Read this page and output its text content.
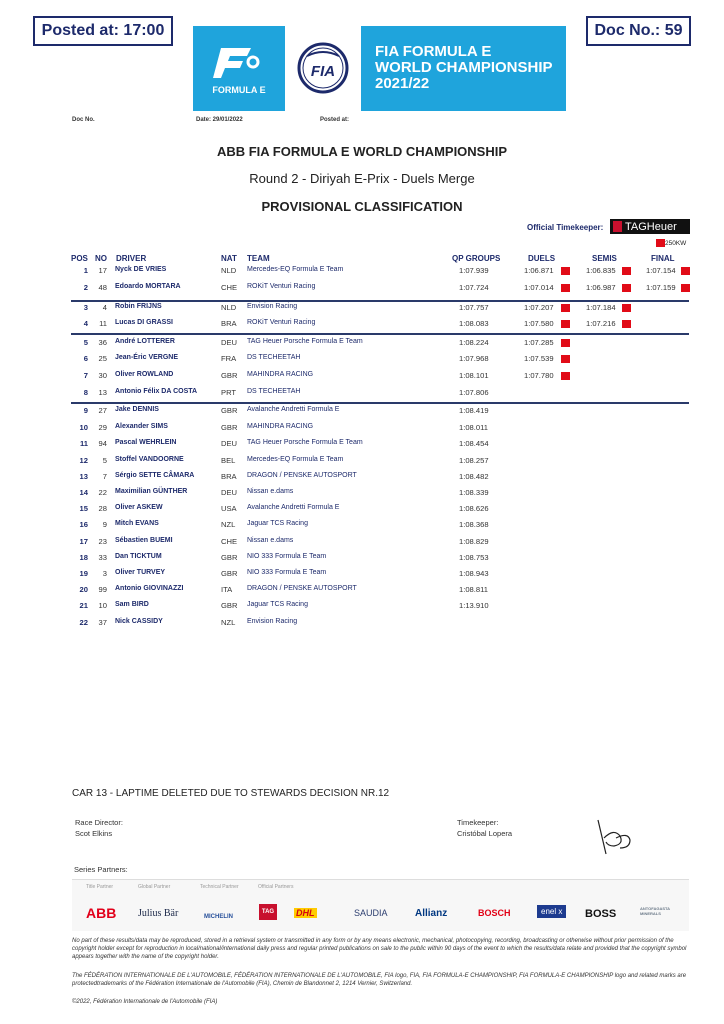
Posted at: 17:00	Doc No.: 59
FORMULA E
FIA
FIA FORMULA E
WORLD CHAMPIONSHIP
2021/22
Doc No.	Date: 29/01/2022	Posted at:
ABB FIA FORMULA E WORLD CHAMPIONSHIP
Round 2 - Diriyah E-Prix - Duels Merge
PROVISIONAL CLASSIFICATION
Official Timekeeper: TAGHeuer
250KW
POS NO DRIVER	NAT TEAM	QP GROUPS	DUELS	SEMIS	FINAL
1	17 Nyck DE VRIES	NLD Mercedes-EQ Formula E Team	1:07.939	1:06.871	1:06.835	1:07.154
2	48 Edoardo MORTARA	CHE ROKiT Venturi Racing	1:07.724	1:07.014	1:06.987	1:07.159
3	4 Robin FRIJNS	NLD Envision Racing	1:07.757	1:07.207	1:07.184
4	11 Lucas DI GRASSI	BRA ROKiT Venturi Racing	1:08.083	1:07.580	1:07.216
5	36 André LOTTERER	DEU TAG Heuer Porsche Formula E Team	1:08.224	1:07.285
6	25 Jean-Éric VERGNE	FRA DS TECHEETAH	1:07.968	1:07.539
7	30 Oliver ROWLAND	GBR MAHINDRA RACING	1:08.101	1:07.780
8	13 Antonio Félix DA COSTA	PRT DS TECHEETAH	1:07.806
9	27 Jake DENNIS	GBR Avalanche Andretti Formula E	1:08.419
10	29 Alexander SIMS	GBR MAHINDRA RACING	1:08.011
11	94 Pascal WEHRLEIN	DEU TAG Heuer Porsche Formula E Team	1:08.454
12	5 Stoffel VANDOORNE	BEL Mercedes-EQ Formula E Team	1:08.257
13	7 Sérgio SETTE CÂMARA	BRA DRAGON / PENSKE AUTOSPORT	1:08.482
14	22 Maximilian GÜNTHER	DEU Nissan e.dams	1:08.339
15	28 Oliver ASKEW	USA Avalanche Andretti Formula E	1:08.626
16	9 Mitch EVANS	NZL Jaguar TCS Racing	1:08.368
17	23 Sébastien BUEMI	CHE Nissan e.dams	1:08.829
18	33 Dan TICKTUM	GBR NIO 333 Formula E Team	1:08.753
19	3 Oliver TURVEY	GBR NIO 333 Formula E Team	1:08.943
20	99 Antonio GIOVINAZZI	ITA DRAGON / PENSKE AUTOSPORT	1:08.811
21	10 Sam BIRD	GBR Jaguar TCS Racing	1:13.910
22	37 Nick CASSIDY	NZL Envision Racing
CAR 13 - LAPTIME DELETED DUE TO STEWARDS DECISION NR.12
Race Director:
Scot Elkins
Timekeeper:
Cristóbal Lopera
Series Partners:
Title Partner	Global Partner	Technical Partner	Official Partners
ABB Julius Bär	MICHELIN
TAG	DHL	SAUDIA	Allianz	BOSCH	enel x	BOSS	ANTOFAGASTA MINERALS
No part of these results/data may be reproduced, stored in a retrieval system or transmitted in any form or by any means electronic, mechanical, photocopying, recording, broadcasting or otherwise without prior permission of the copyright holder except for reproduction in local/national/international daily press and regular printed publications on sale to the public within 90 days of the event to which the results/data relate and provided that the copyright symbol appears together with the name of the copyright holder.
The FÉDÉRATION INTERNATIONALE DE L'AUTOMOBILE, FÉDÉRATION INTERNATIONALE DE L'AUTOMOBILE, FIA logo, FIA, FIA FORMULA-E CHAMPIONSHIP, FIA FORMULA-E CHAMPIONSHIP logo and related marks are protectedtrademarks of the Fédération Internationale de l'Automobile (FIA), Chemin de Blandonnet 2, 1214 Vernier, Switzerland.
©2022, Fédération Internationale de l'Automobile (FIA)
